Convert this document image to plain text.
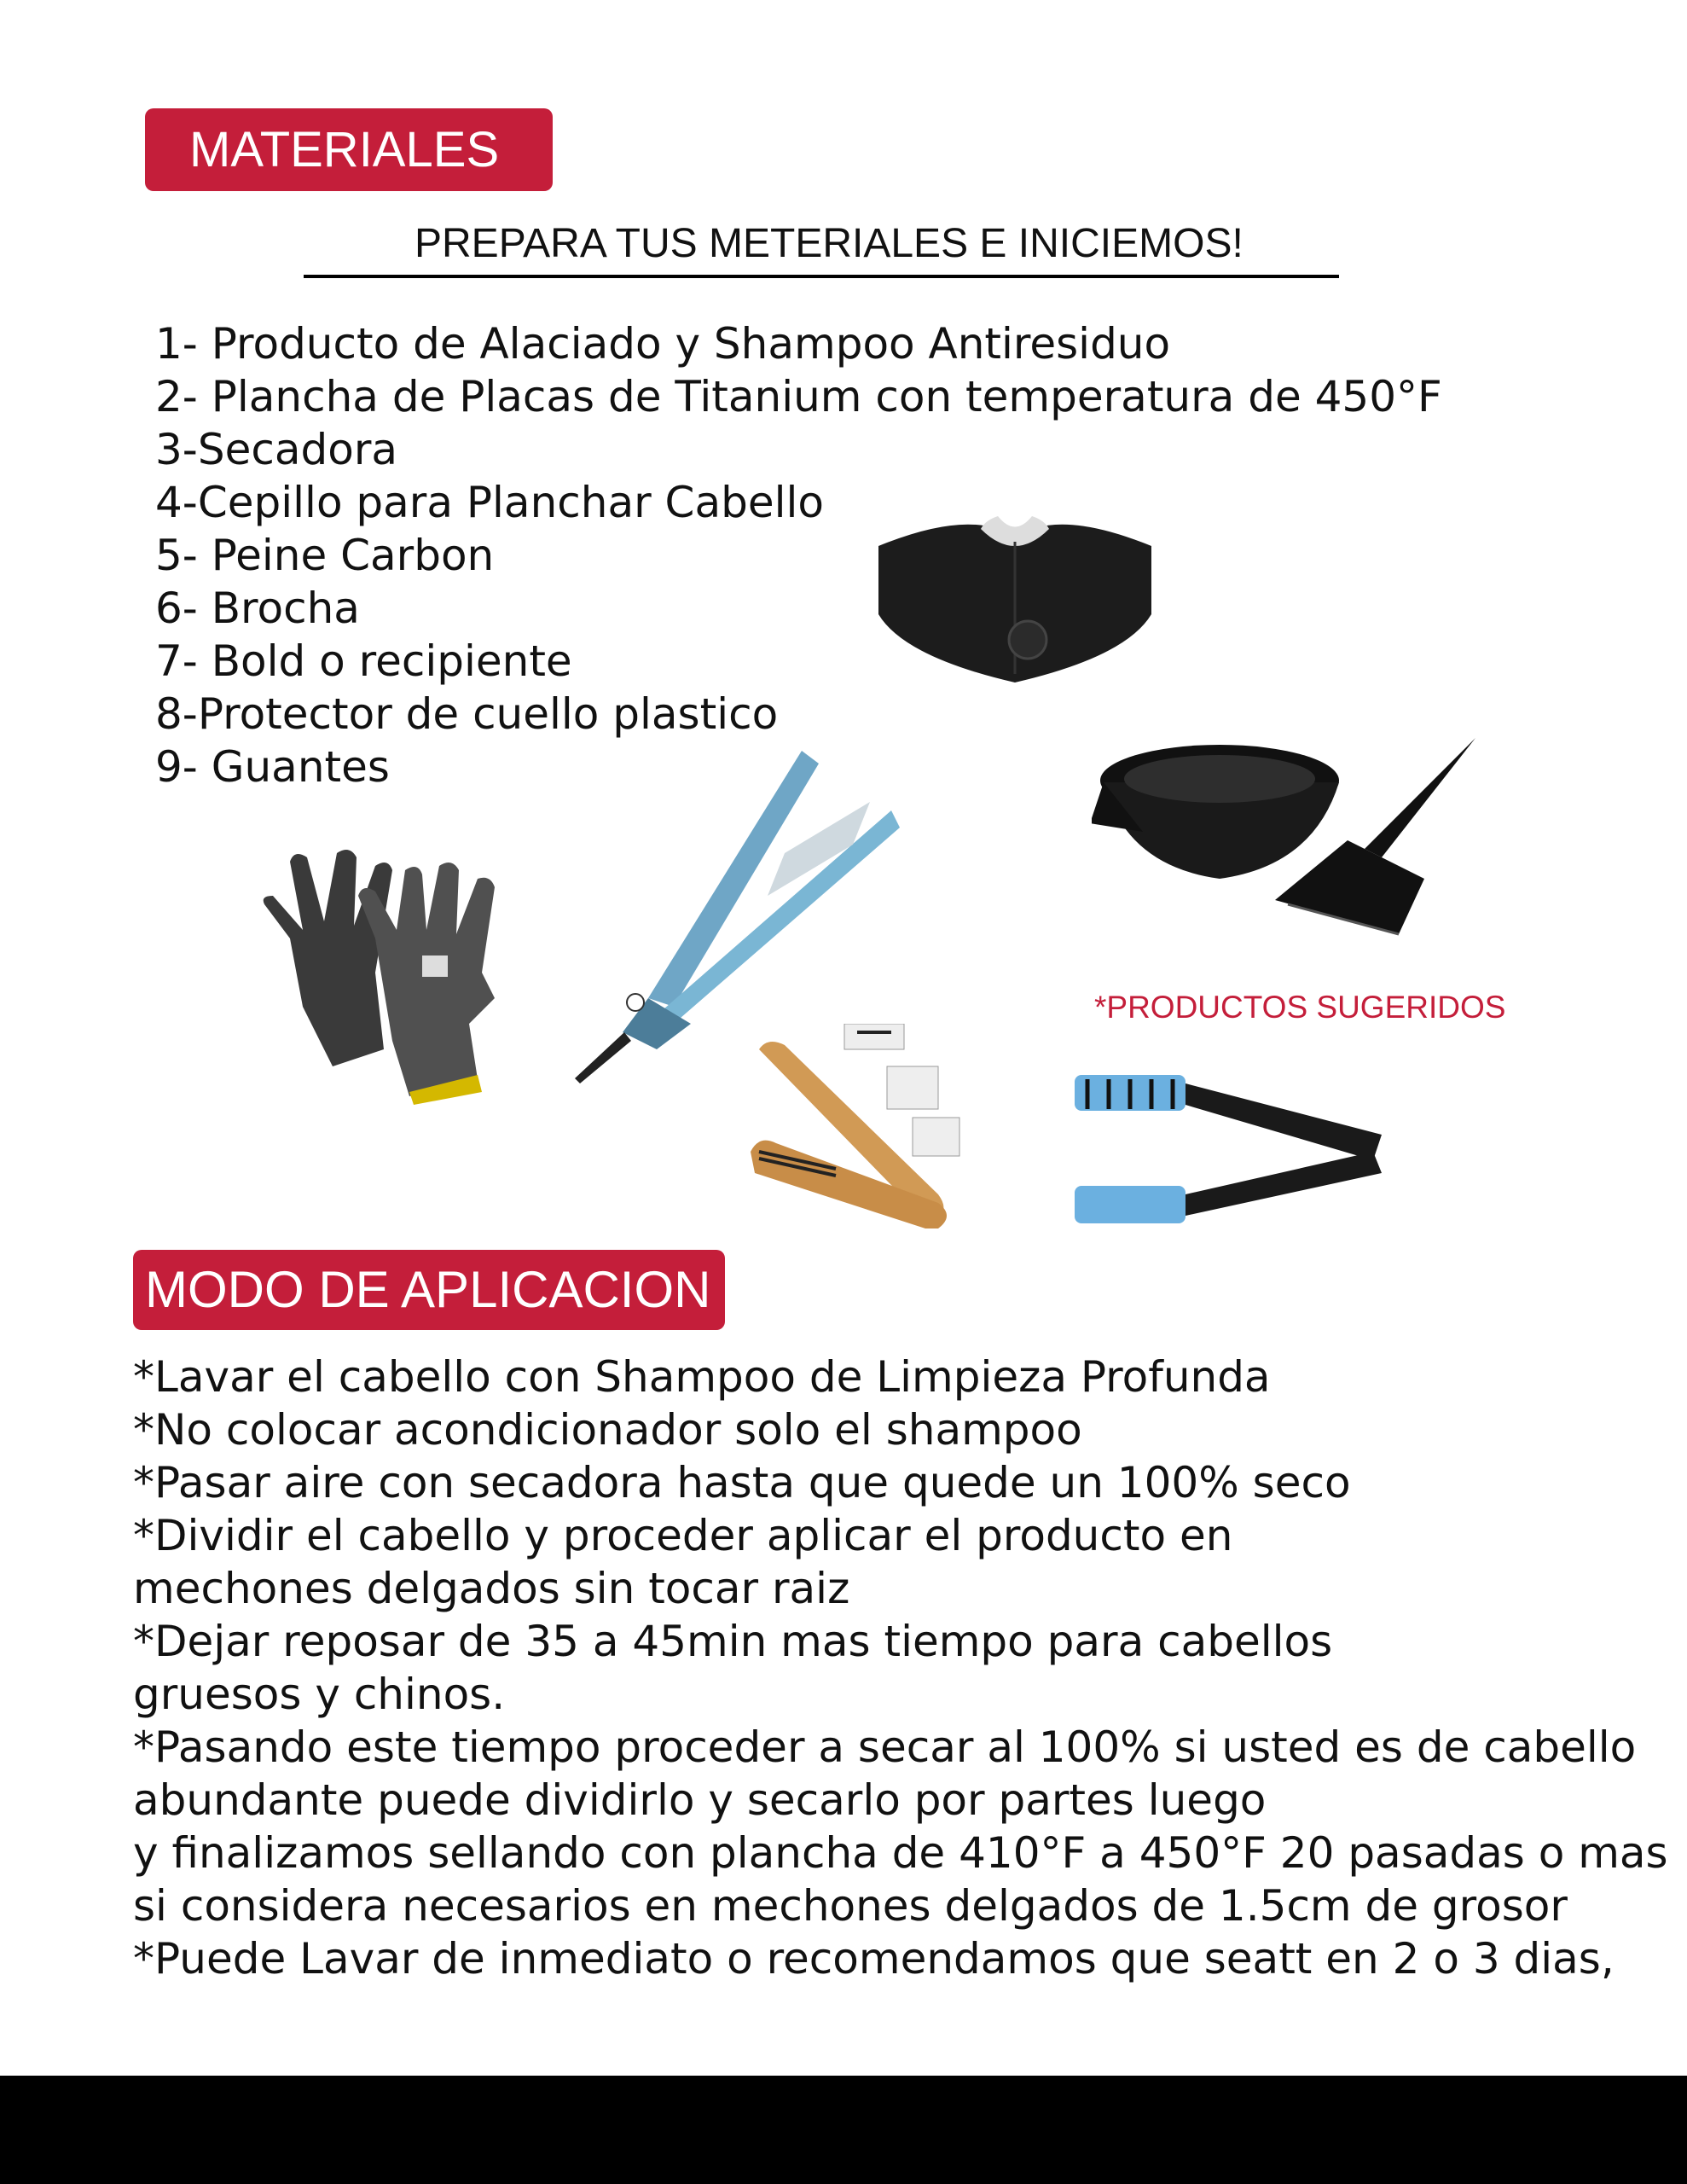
MATERIALES
PREPARA TUS METERIALES E INICIEMOS!
1- Producto de Alaciado y Shampoo Antiresiduo
2- Plancha de Placas de Titanium con temperatura de 450°F
3-Secadora
4-Cepillo para Planchar Cabello
5- Peine Carbon
6- Brocha
7- Bold o recipiente
8-Protector de cuello plastico
9- Guantes
*PRODUCTOS SUGERIDOS
MODO DE APLICACION
*Lavar el cabello con Shampoo de Limpieza Profunda
*No colocar acondicionador solo el shampoo
*Pasar aire con secadora hasta que quede un 100% seco
*Dividir el cabello y proceder aplicar el producto en
mechones delgados sin tocar raiz
*Dejar reposar de 35 a 45min mas tiempo para cabellos
gruesos y chinos.
*Pasando este tiempo proceder a secar al 100% si usted es de cabello
abundante puede dividirlo y secarlo por partes luego
y finalizamos sellando con plancha de 410°F a 450°F 20 pasadas o mas
si considera necesarios en mechones delgados de 1.5cm de grosor
*Puede Lavar de inmediato o recomendamos que seatt en 2 o 3 dias,
